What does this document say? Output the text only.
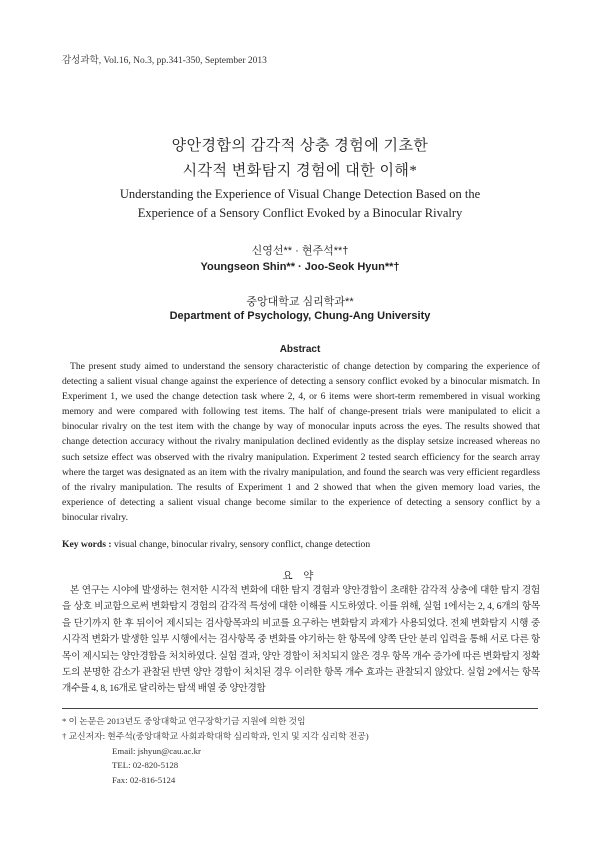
감성과학, Vol.16, No.3, pp.341-350, September 2013
양안경합의 감각적 상충 경험에 기초한
시각적 변화탐지 경험에 대한 이해*
Understanding the Experience of Visual Change Detection Based on the
Experience of a Sensory Conflict Evoked by a Binocular Rivalry
신영선** · 현주석**†
Youngseon Shin** · Joo-Seok Hyun**†
중앙대학교 심리학과**
Department of Psychology, Chung-Ang University
Abstract

The present study aimed to understand the sensory characteristic of change detection by comparing the experience of detecting a salient visual change against the experience of detecting a sensory conflict evoked by a binocular mismatch. In Experiment 1, we used the change detection task where 2, 4, or 6 items were short-term remembered in visual working memory and were compared with following test items. The half of change-present trials were manipulated to elicit a binocular rivalry on the test item with the change by way of monocular inputs across the eyes. The results showed that change detection accuracy without the rivalry manipulation declined evidently as the display setsize increased whereas no such setsize effect was observed with the rivalry manipulation. Experiment 2 tested search efficiency for the search array where the target was designated as an item with the rivalry manipulation, and found the search was very efficient regardless of the rivalry manipulation. The results of Experiment 1 and 2 showed that when the given memory load varies, the experience of detecting a salient visual change become similar to the experience of detecting a sensory conflict by a binocular rivalry.

Key words : visual change, binocular rivalry, sensory conflict, change detection
요 약

본 연구는 시야에 발생하는 현저한 시각적 변화에 대한 탐지 경험과 양안경합이 초래한 감각적 상충에 대한 탐지 경험을 상호 비교함으로써 변화탐지 경험의 감각적 특성에 대한 이해를 시도하였다. 이를 위해, 실험 1에서는 2, 4, 6개의 항목을 단기까지 한 후 뒤이어 제시되는 검사항목과의 비교를 요구하는 변화탐지 과제가 사용되었다. 전체 변화탐지 시행 중 시각적 변화가 발생한 일부 시행에서는 검사항목 중 변화를 야기하는 한 항목에 양쪽 단안 분리 입력을 통해 서로 다른 항목이 제시되는 양안경합을 처치하였다. 실험 결과, 양안 경합이 처치되지 않은 경우 항목 개수 증가에 따른 변화탐지 정확도의 분명한 감소가 관찰된 반면 양안 경합이 처치된 경우 이러한 항목 개수 효과는 관찰되지 않았다. 실험 2에서는 항목 개수를 4, 8, 16개로 달리하는 탐색 배열 중 양안경합

* 이 논문은 2013년도 중앙대학교 연구장학기금 지원에 의한 것임
† 교신저자: 현주석(중앙대학교 사회과학대학 심리학과, 인지 및 지각 심리학 전공)
Email: jshyun@cau.ac.kr
TEL: 02-820-5128
Fax: 02-816-5124
